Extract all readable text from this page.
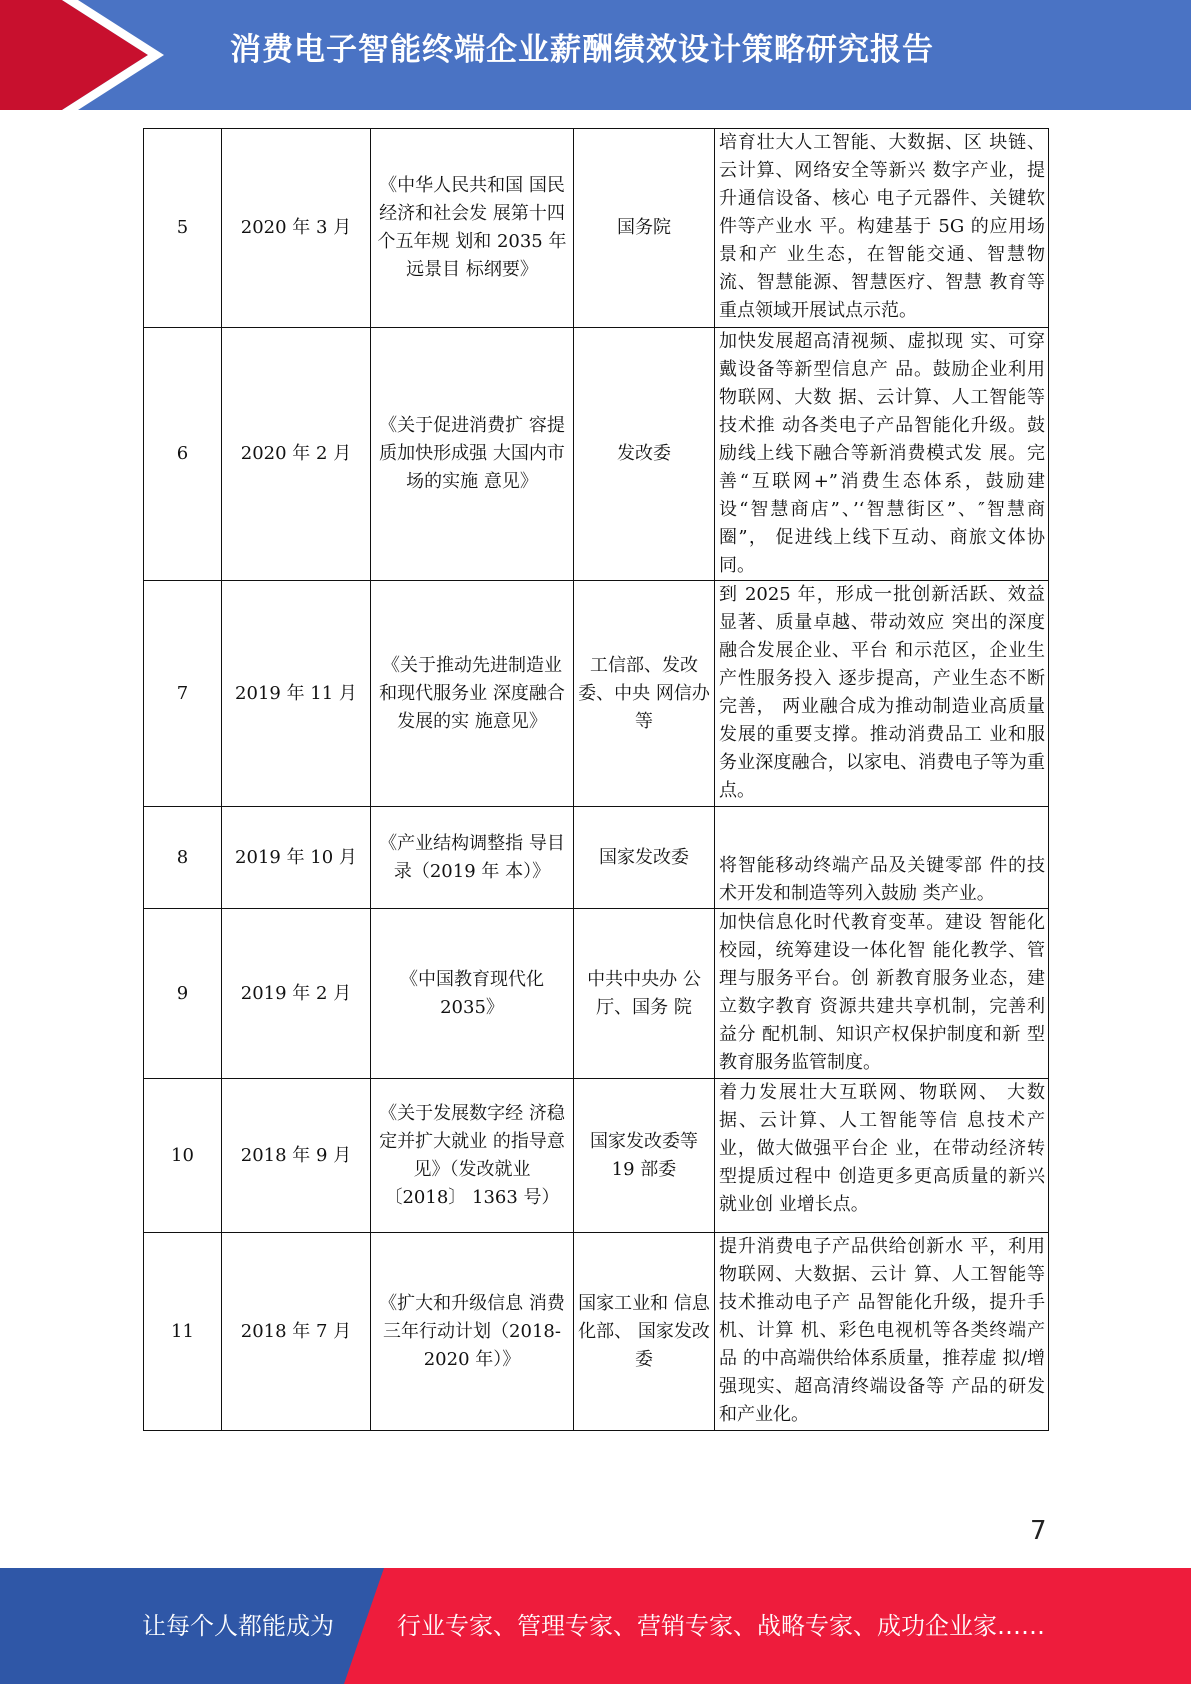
消费电子智能终端企业薪酬绩效设计策略研究报告
5	2020 年 3 月	《中华人民共和国 国民经济和社会发 展第十四个五年规 划和 2035 年远景目 标纲要》	国务院	培育壮大人工智能、大数据、区 块链、云计算、网络安全等新兴 数字产业，提升通信设备、核心 电子元器件、关键软件等产业水 平。构建基于 5G 的应用场景和产 业生态，在智能交通、智慧物 流、智慧能源、智慧医疗、智慧 教育等重点领域开展试点示范。
6	2020 年 2 月	《关于促进消费扩 容提质加快形成强 大国内市场的实施 意见》	发改委	加快发展超高清视频、虚拟现 实、可穿戴设备等新型信息产 品。鼓励企业利用物联网、大数 据、云计算、人工智能等技术推 动各类电子产品智能化升级。鼓 励线上线下融合等新消费模式发 展。完善“互联网+”消费生态体系，鼓励建设“智慧商店”、’‘智慧街区”、″智慧商圈”， 促进线上线下互动、商旅文体协 同。
7	2019 年 11 月	《关于推动先进制造业和现代服务业 深度融合发展的实 施意见》	工信部、发改委、中央 网信办等	到 2025 年，形成一批创新活跃、效益显著、质量卓越、带动效应 突出的深度融合发展企业、平台 和示范区，企业生产性服务投入 逐步提高，产业生态不断完善， 两业融合成为推动制造业高质量 发展的重要支撑。推动消费品工 业和服务业深度融合，以家电、消费电子等为重点。
8	2019 年 10 月	《产业结构调整指 导目录（2019 年 本）》	国家发改委	将智能移动终端产品及关键零部 件的技术开发和制造等列入鼓励 类产业。
9	2019 年 2 月	《中国教育现代化 2035》	中共中央办 公厅、国务 院	加快信息化时代教育变革。建设 智能化校园，统筹建设一体化智 能化教学、管理与服务平台。创 新教育服务业态，建立数字教育 资源共建共享机制，完善利益分 配机制、知识产权保护制度和新 型教育服务监管制度。
10	2018 年 9 月	《关于发展数字经 济稳定并扩大就业 的指导意见》（发改就业〔2018〕 1363 号）	国家发改委等 19 部委	着力发展壮大互联网、物联网、 大数据、云计算、人工智能等信 息技术产业，做大做强平台企 业，在带动经济转型提质过程中 创造更多更高质量的新兴就业创 业增长点。
11	2018 年 7 月	《扩大和升级信息 消费三年行动计划（2018-2020 年）》	国家工业和 信息化部、 国家发改委	提升消费电子产品供给创新水 平，利用物联网、大数据、云计 算、人工智能等技术推动电子产 品智能化升级，提升手机、计算 机、彩色电视机等各类终端产品 的中高端供给体系质量，推荐虚 拟/增强现实、超高清终端设备等 产品的研发和产业化。
7
让每个人都能成为	行业专家、管理专家、营销专家、战略专家、成功企业家……
